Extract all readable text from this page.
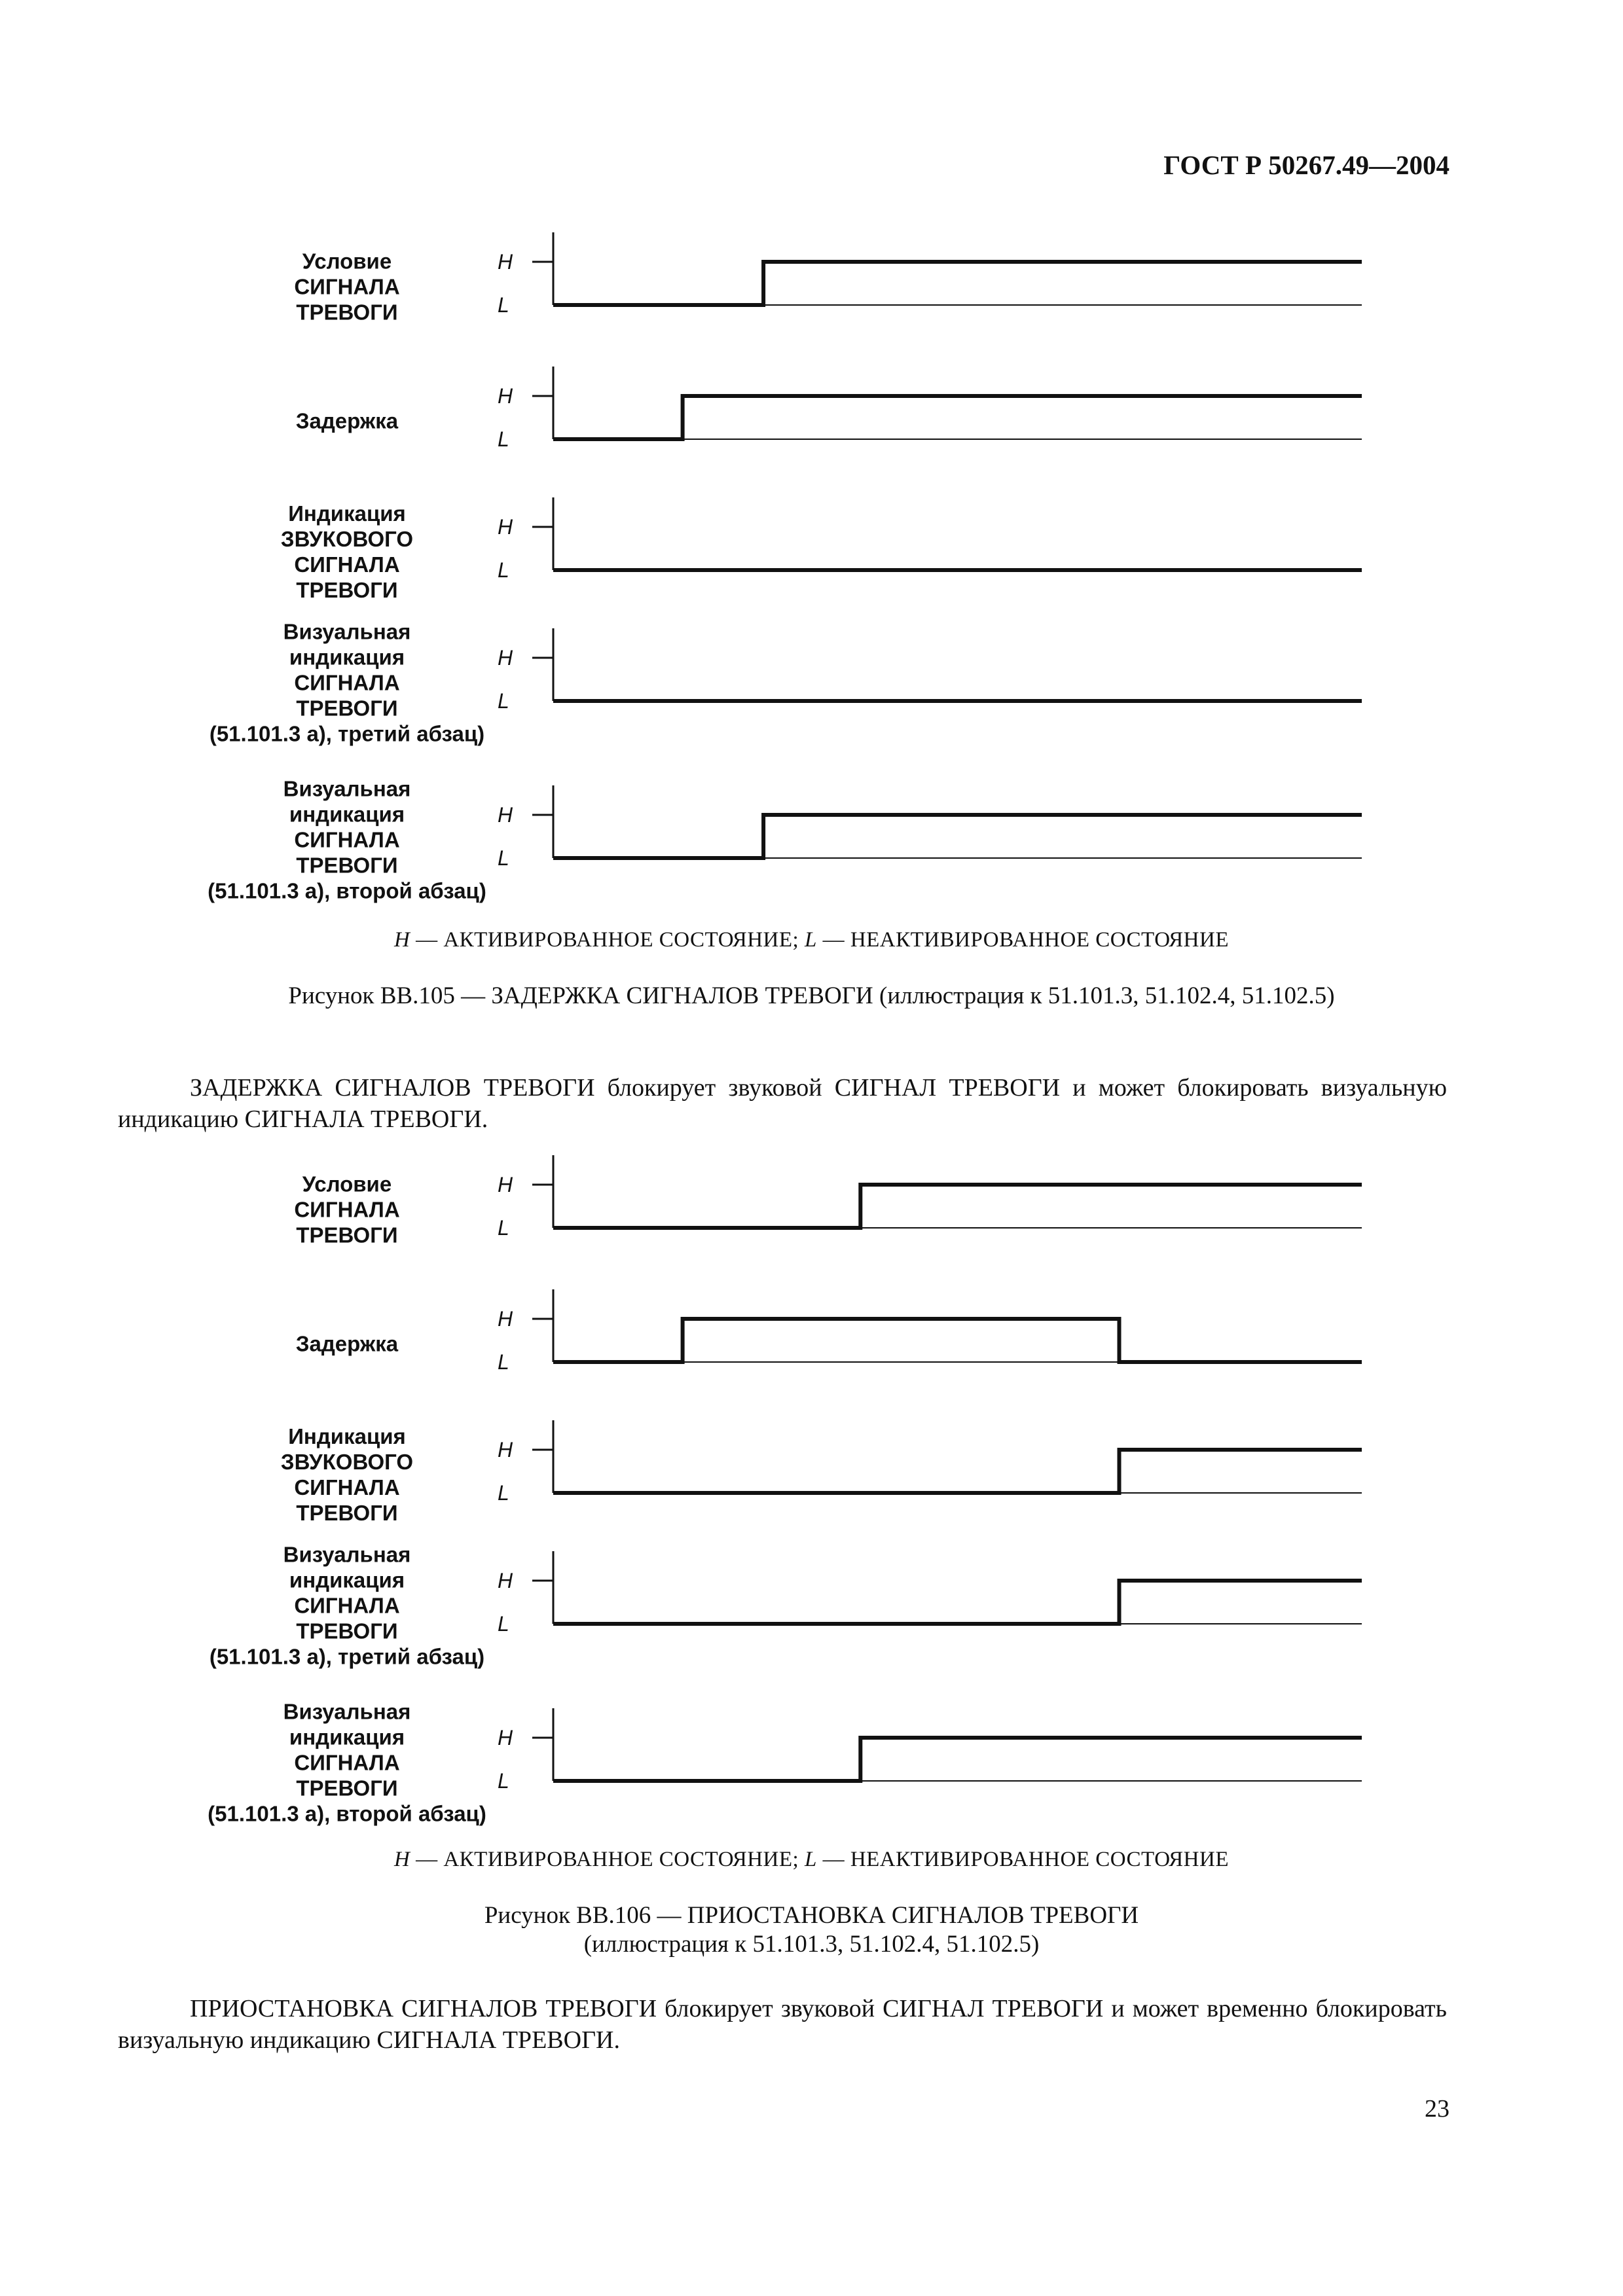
ГОСТ Р 50267.49—2004
Условие
СИГНАЛА
ТРЕВОГИ
H
L
Задержка
H
L
Индикация
ЗВУКОВОГО
СИГНАЛА
ТРЕВОГИ
H
L
Визуальная
индикация
СИГНАЛА
ТРЕВОГИ
(51.101.3 а), третий абзац)
H
L
Визуальная
индикация
СИГНАЛА
ТРЕВОГИ
(51.101.3 а), второй абзац)
H
L
H — АКТИВИРОВАННОЕ СОСТОЯНИЕ; L — НЕАКТИВИРОВАННОЕ СОСТОЯНИЕ
Рисунок ВВ.105 — ЗАДЕРЖКА СИГНАЛОВ ТРЕВОГИ (иллюстрация к 51.101.3, 51.102.4, 51.102.5)
ЗАДЕРЖКА СИГНАЛОВ ТРЕВОГИ блокирует звуковой СИГНАЛ ТРЕВОГИ и может блокировать визуальную индикацию СИГНАЛА ТРЕВОГИ.
Условие
СИГНАЛА
ТРЕВОГИ
H
L
Задержка
H
L
Индикация
ЗВУКОВОГО
СИГНАЛА
ТРЕВОГИ
H
L
Визуальная
индикация
СИГНАЛА
ТРЕВОГИ
(51.101.3 а), третий абзац)
H
L
Визуальная
индикация
СИГНАЛА
ТРЕВОГИ
(51.101.3 а), второй абзац)
H
L
H — АКТИВИРОВАННОЕ СОСТОЯНИЕ; L — НЕАКТИВИРОВАННОЕ СОСТОЯНИЕ
Рисунок ВВ.106 — ПРИОСТАНОВКА СИГНАЛОВ ТРЕВОГИ
(иллюстрация к 51.101.3, 51.102.4, 51.102.5)
ПРИОСТАНОВКА СИГНАЛОВ ТРЕВОГИ блокирует звуковой СИГНАЛ ТРЕВОГИ и может временно блокировать визуальную индикацию СИГНАЛА ТРЕВОГИ.
23
